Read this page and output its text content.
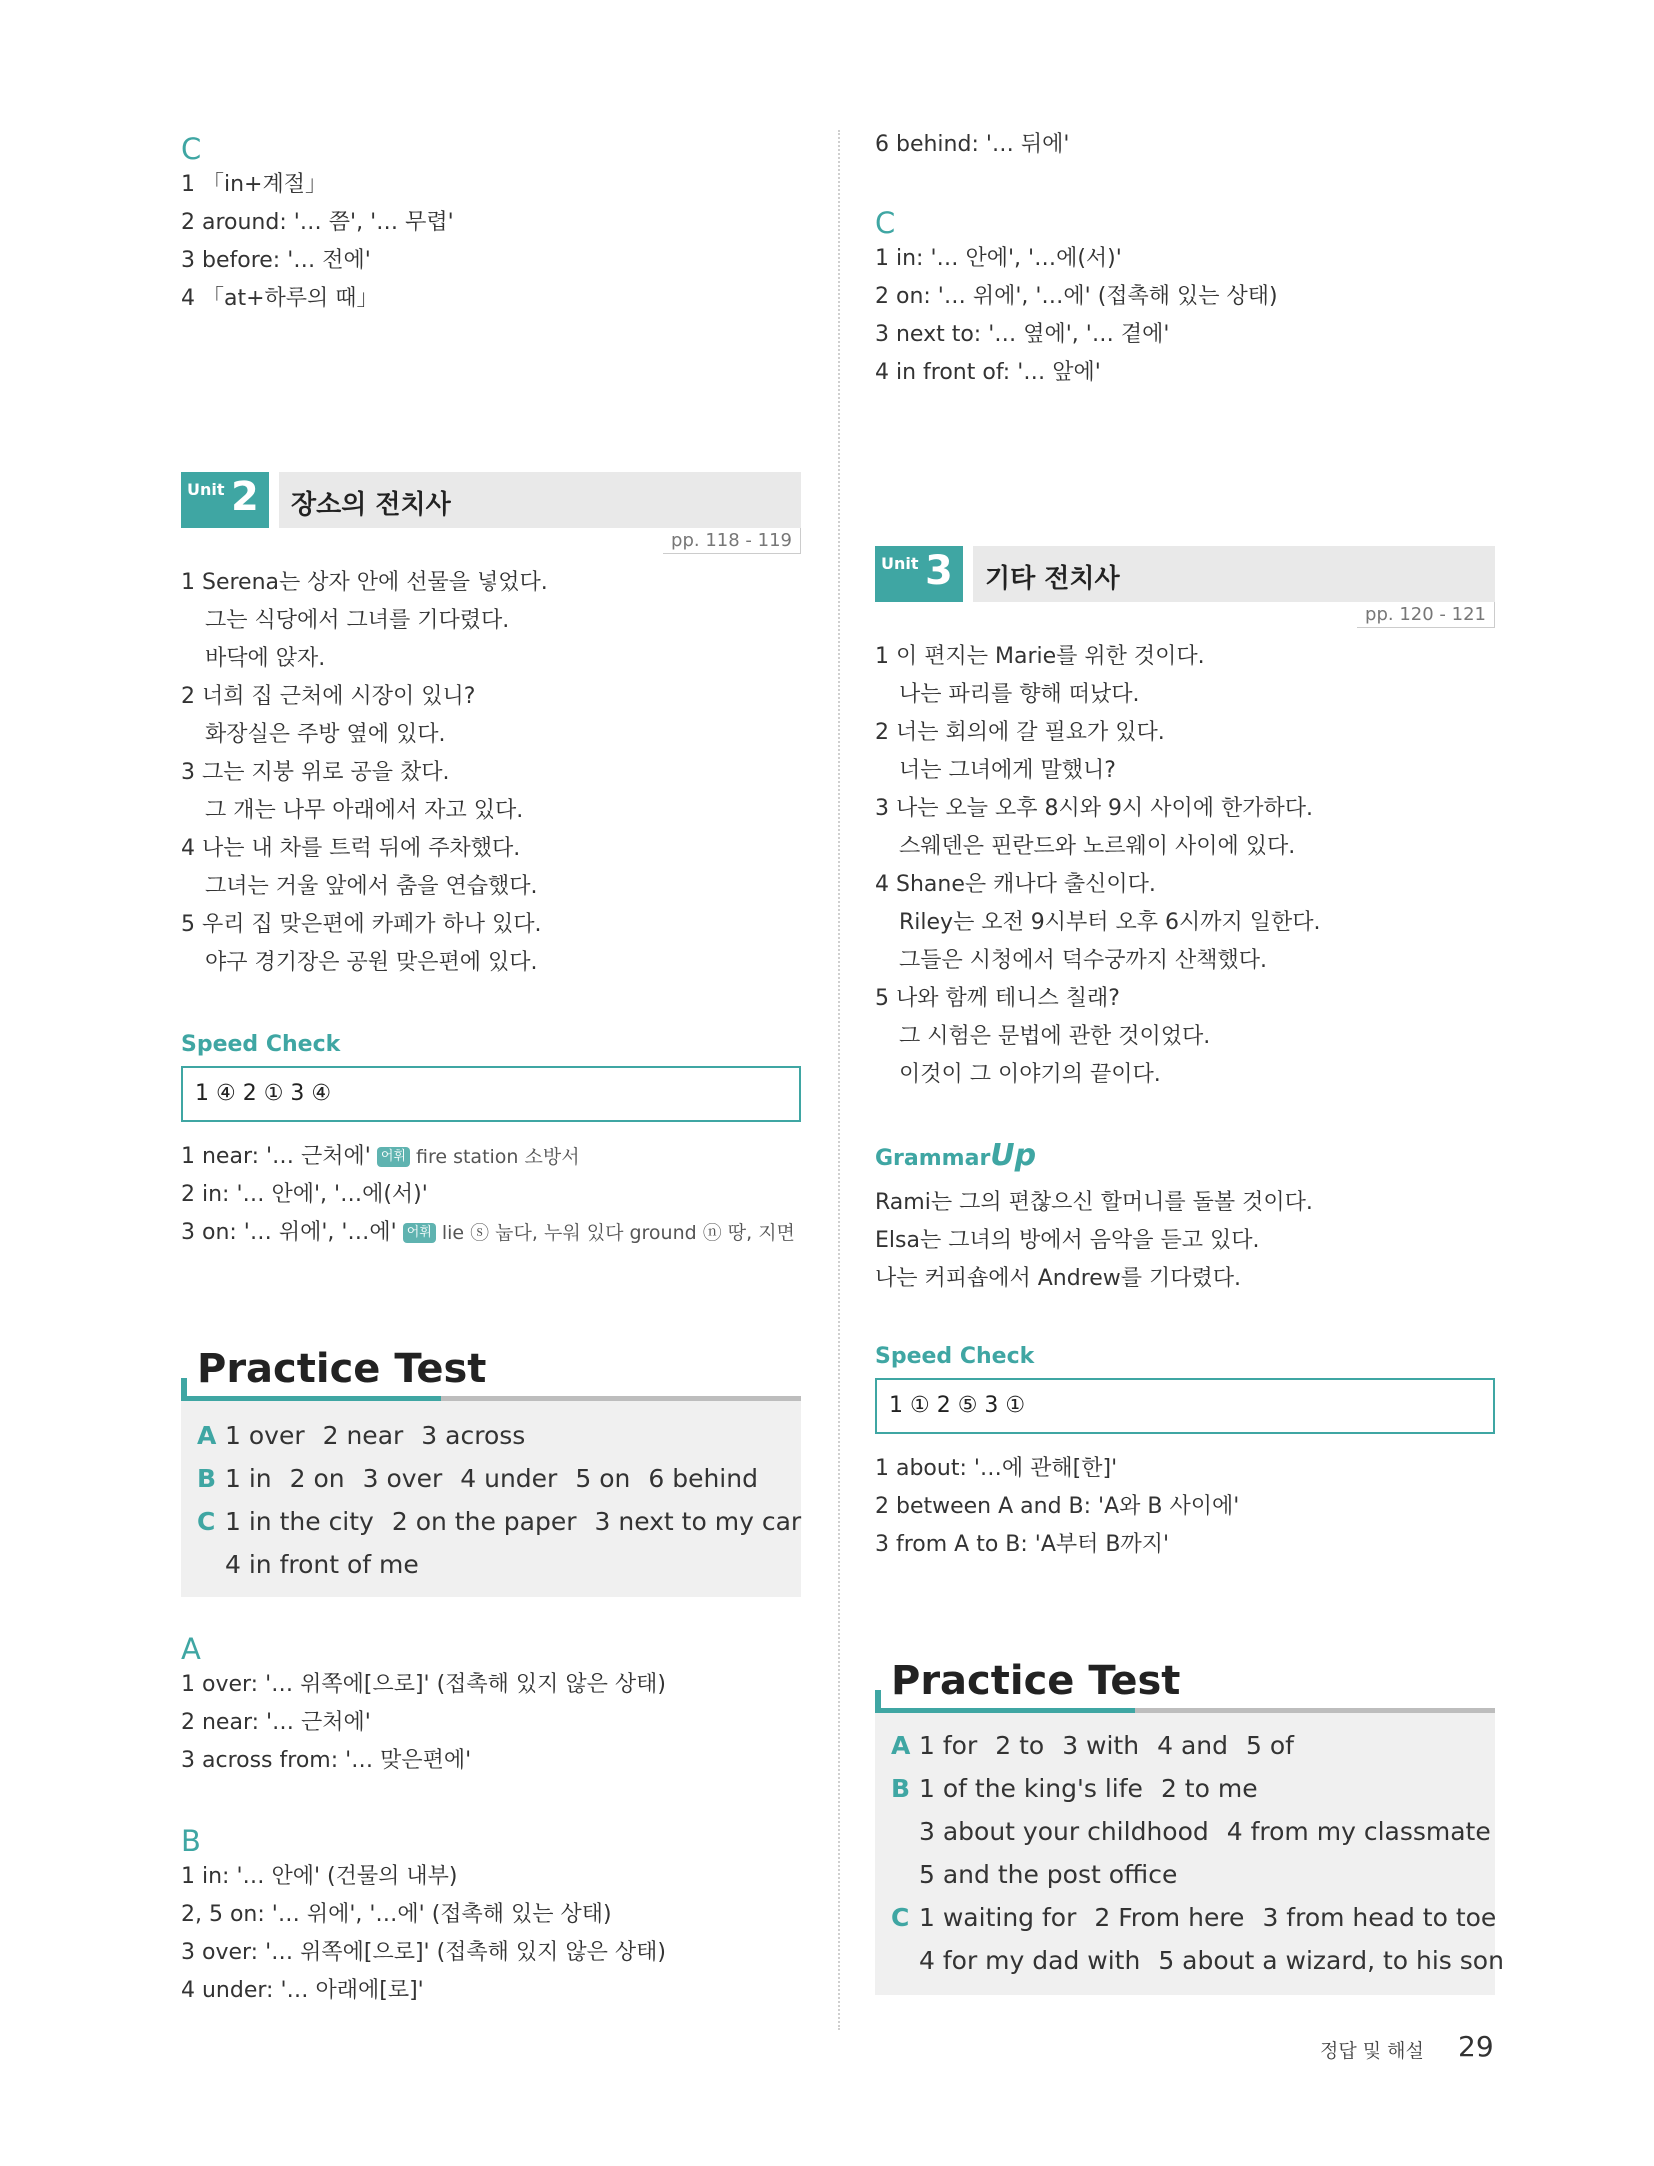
C
1 「in+계절」
2 around: '… 쯤', '… 무렵'
3 before: '… 전에'
4 「at+하루의 때」
Unit 2 장소의 전치사
pp. 118 - 119
1 Serena는 상자 안에 선물을 넣었다.
그는 식당에서 그녀를 기다렸다.
바닥에 앉자.
2 너희 집 근처에 시장이 있니?
화장실은 주방 옆에 있다.
3 그는 지붕 위로 공을 찼다.
그 개는 나무 아래에서 자고 있다.
4 나는 내 차를 트럭 뒤에 주차했다.
그녀는 거울 앞에서 춤을 연습했다.
5 우리 집 맞은편에 카페가 하나 있다.
야구 경기장은 공원 맞은편에 있다.
Speed Check
1 ④ 2 ① 3 ④
1 near: '… 근처에' 어휘 fire station 소방서
2 in: '… 안에', '…에(서)'
3 on: '… 위에', '…에' 어휘 lie ⓢ 눕다, 누워 있다 ground ⓝ 땅, 지면
Practice Test
A 1 over 2 near 3 across
B 1 in 2 on 3 over 4 under 5 on 6 behind
C 1 in the city 2 on the paper 3 next to my car
4 in front of me
A
1 over: '… 위쪽에[으로]' (접촉해 있지 않은 상태)
2 near: '… 근처에'
3 across from: '… 맞은편에'
B
1 in: '… 안에' (건물의 내부)
2, 5 on: '… 위에', '…에' (접촉해 있는 상태)
3 over: '… 위쪽에[으로]' (접촉해 있지 않은 상태)
4 under: '… 아래에[로]'
6 behind: '… 뒤에'
C
1 in: '… 안에', '…에(서)'
2 on: '… 위에', '…에' (접촉해 있는 상태)
3 next to: '… 옆에', '… 곁에'
4 in front of: '… 앞에'
Unit 3 기타 전치사
pp. 120 - 121
1 이 편지는 Marie를 위한 것이다.
나는 파리를 향해 떠났다.
2 너는 회의에 갈 필요가 있다.
너는 그녀에게 말했니?
3 나는 오늘 오후 8시와 9시 사이에 한가하다.
스웨덴은 핀란드와 노르웨이 사이에 있다.
4 Shane은 캐나다 출신이다.
Riley는 오전 9시부터 오후 6시까지 일한다.
그들은 시청에서 덕수궁까지 산책했다.
5 나와 함께 테니스 칠래?
그 시험은 문법에 관한 것이었다.
이것이 그 이야기의 끝이다.
GrammarUp
Rami는 그의 편찮으신 할머니를 돌볼 것이다.
Elsa는 그녀의 방에서 음악을 듣고 있다.
나는 커피숍에서 Andrew를 기다렸다.
Speed Check
1 ① 2 ⑤ 3 ①
1 about: '…에 관해[한]'
2 between A and B: 'A와 B 사이에'
3 from A to B: 'A부터 B까지'
Practice Test
A 1 for 2 to 3 with 4 and 5 of
B 1 of the king's life 2 to me
3 about your childhood 4 from my classmate
5 and the post office
C 1 waiting for 2 From here 3 from head to toe
4 for my dad with 5 about a wizard, to his son
정답 및 해설 29
